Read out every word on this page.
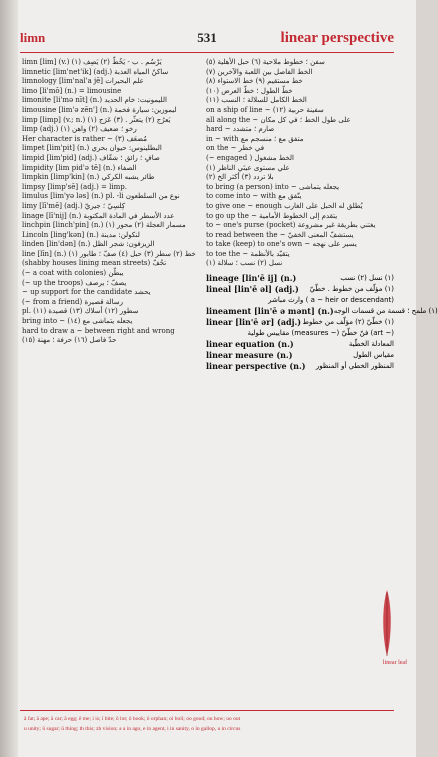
limn	531	linear perspective
limn [lim] (v.) (١) يَرْسُم . ب - يَخُطّ (٢) يَصِف
limnetic [lim'net'ik] (adj.) ساكنٌ المياه العذبة
limnology [lim'nal'a jē] علم البحيرات
limo [li'mō] (n.) = limousine
limonite [li'mə nīt] (n.) الليمونيت: خام الحديد
limousine [lim'ə zēn'] (n.) ليموزين: سيارة فخمة
limp [limp] (v.; n.) (١) يَعرُج (٢) يتعثّر . (٣) عَرَج
limp (adj.) (١) رخو ؛ ضعيف (٢) واهن
Her character is rather ~ (٣) مُضعَف
limpet [lim'pit] (n.) البطلينوس: حيوان بحري
limpid [lim'pid] (adj.) صافٍ ؛ رائق ؛ شفّاف
limpidity [lim pid'ə tē] (n.) الصفاء
limpkin [limp'kin] (n.) طائر يشبه الكركي
limpsy [limp'sē] (adj.) = limp.
limulus [lim'yə ləs] (n.) pl. -li نوع من السلطعون
limy [lī'mē] (adj.) كِلسِيّ ؛ جيريّ
linage [lī'nij] (n.) عدد الأسطر في المادة المكتوبة
linchpin [linch'pin] (n.) (١) مسمار العجلة (٢) محور
Lincoln [ling'kən] (n.) لنكولن: مدينة
linden [lin'dən] (n.) الزيزفون: شجر الظل
line [līn] (n.) (١) خط (٢) سطر (٣) حبل (٤) صفّ ؛ طابور
(shabby houses lining mean streets) تحُفّ
(~ a coat with colonies) يبطّن
(~ up the troops) يصفّ ؛ يرصف
~ up support for the candidate يحشد
(~ from a friend) رسالة قصيرة
pl. (١١) سطور (١٢) أسلاك (١٣) قصيدة
bring into ~ (١٤) يجعله يتماشى مع
hard to draw a ~ between right and wrong
(١٥) حدّ فاصل (١٦) حرفة ؛ مهنة
(٥) سفن ؛ خطوط ملاحية (٦) حبل الأهلية
(٧) الخط الفاصل بين اللعبة والآخرين
(٨) خط مستقيم (٩) خط الاستواء
(١٠) خطّ الطول ؛ خطّ العرض
(١١) الخط الكامل للسلالة ؛ النسب
on a ship of line ~ (١٢) سفينة حربية
all along the ~ على طول الخط ؛ في كل مكان
hard ~ صارم ؛ متشدد
in ~ with متفق مع ؛ منسجم مع
on the ~ في خطر
(~ engaged ) الخط مشغول
(١) علي مستوى عينَي الناظر
(٢) بلا تردد (٣) أكثر الخ
to bring (a person) into ~ يجعله يتماشى
to come into ~ with يتّفق مع
to give one ~ enough يُطلق له الحبل على الغارب
to go up the ~ يتقدم إلى الخطوط الأمامية
to ~ one's purse (pocket) يغتني بطريقة غير مشروعة
to read between the ~ يستشفّ المعنى الخفيّ
to take (keep) to one's own ~ يسير على نهجه
to toe the ~ يتقيّد بالأنظمة
(١) نسل (٢) نسب ؛ سلالة
lineage [lin'ē ij] (n.)	(١) نسل (٢) نسب
lineal [lin'ē əl] (adj.) (١) مؤلّف من خطوط . خطّيّ
(a ~ heir or descendant ) وارث مباشر
lineament [lin'ē ə mənt] (n.) (١) ملمح ؛ قسمة من قسمات الوجه
linear [lin'ē ər] (adj.) (١) خطّيّ (٢) مؤلّف من خطوط
(~ art) فنّ خطّيّ (~ measures) مقاييس طولية
linear equation (n.)	المعادلة الخطّية
linear measure (n.)	مقياس الطول
linear perspective (n.) المنظور الخطي أو المنظور
linear leaf
ă fat; ā ape; ä car; ā egg; ē me; i is; ī bite; ō lot; ō book; ŏ orphan; oi boil; oo good; ou how; uo out
u unity; ū sugar; ŭ thing; th this; zh vision; ə a in ago, e in agent, i in sanity, o in gallop, u in circus
